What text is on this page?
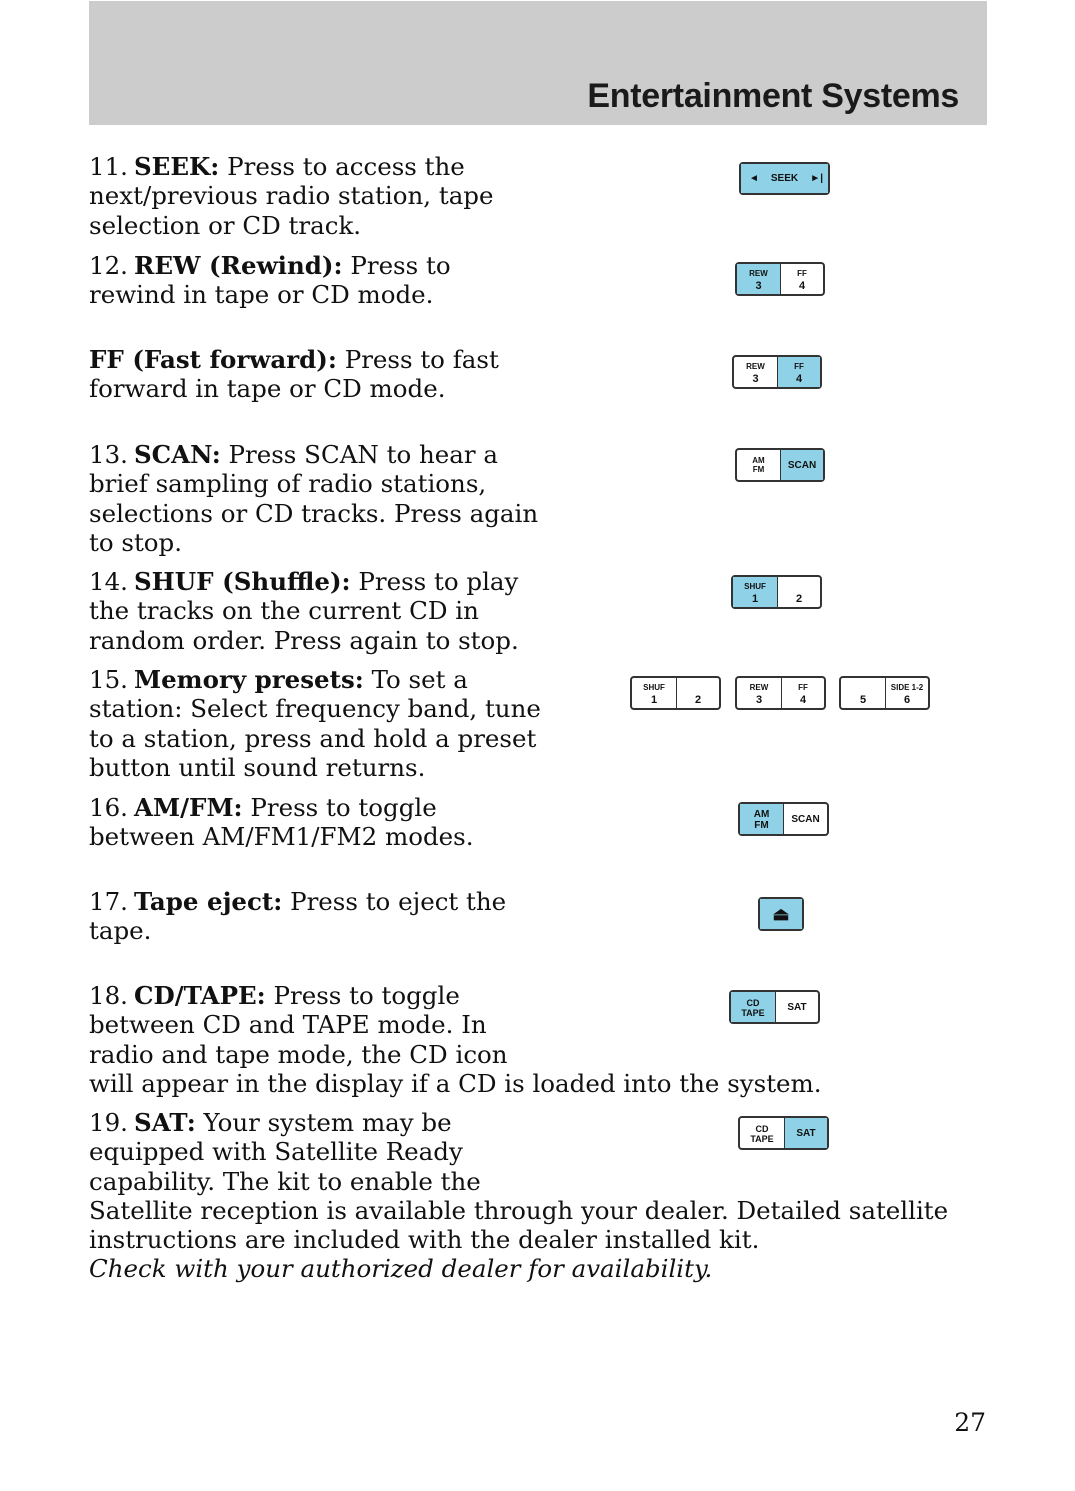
Entertainment Systems
11. SEEK: Press to access the
next/previous radio station, tape
selection or CD track.
12. REW (Rewind): Press to
rewind in tape or CD mode.
FF (Fast forward): Press to fast
forward in tape or CD mode.
13. SCAN: Press SCAN to hear a
brief sampling of radio stations,
selections or CD tracks. Press again
to stop.
14. SHUF (Shuffle): Press to play
the tracks on the current CD in
random order. Press again to stop.
15. Memory presets: To set a
station: Select frequency band, tune
to a station, press and hold a preset
button until sound returns.
16. AM/FM: Press to toggle
between AM/FM1/FM2 modes.
17. Tape eject: Press to eject the
tape.
18. CD/TAPE: Press to toggle
between CD and TAPE mode. In
radio and tape mode, the CD icon
will appear in the display if a CD is loaded into the system.
19. SAT: Your system may be
equipped with Satellite Ready
capability. The kit to enable the
Satellite reception is available through your dealer. Detailed satellite
instructions are included with the dealer installed kit.
Check with your authorized dealer for availability.
◄	SEEK	►|
REW
3
FF
4
REW
3
FF
4
AM
FM	SCAN
SHUF
1	2
SHUF
1	2
REW
3
FF
4	5
SIDE 1-2
6
AM
FM
SCAN
⏏
CD
TAPE	SAT
CD
TAPE	SAT
27
